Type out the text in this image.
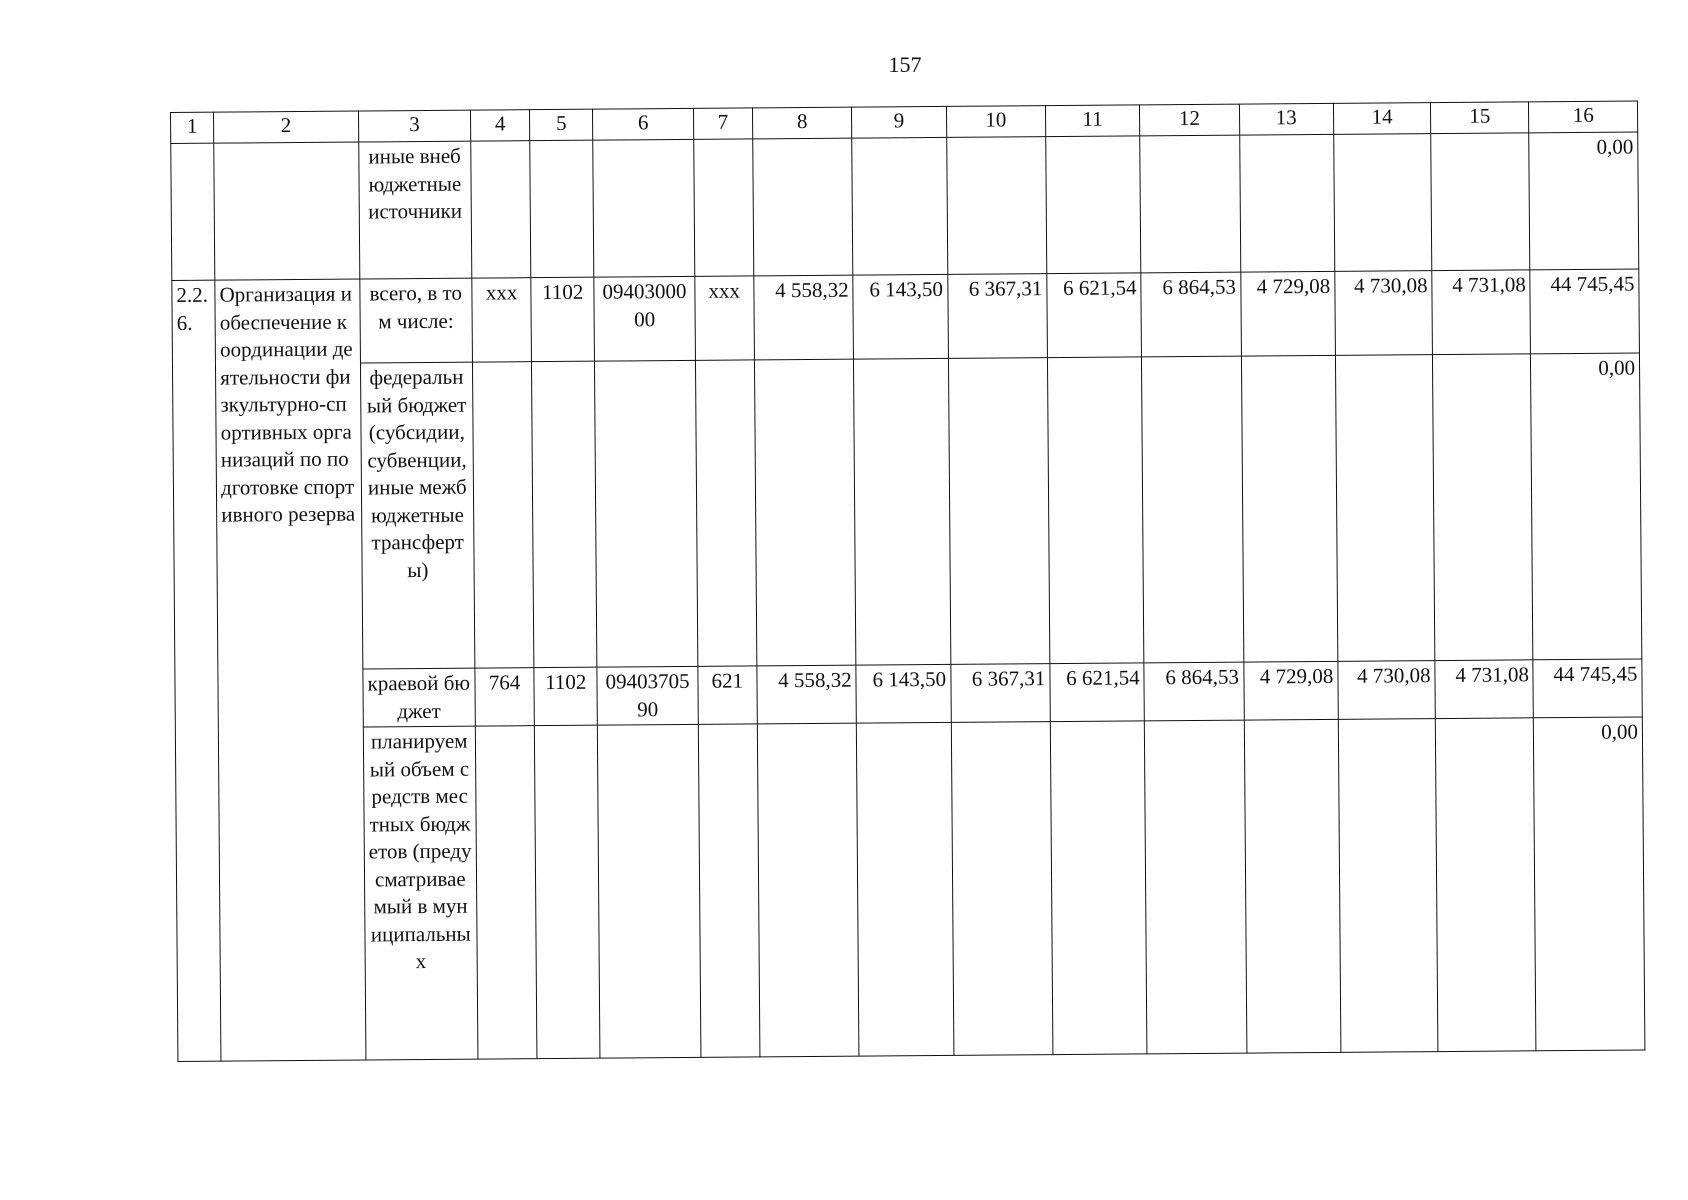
157
1	2	3	4	5	6	7	8	9	10	11	12	13	14	15	16
		иные внебюджетные источники													0,00
2.2.6.	Организация и обеспечение координации деятельности физкультурно-спортивных организаций по подготовке спортивного резерва	всего, в том числе:	ххх	1102	0940300000	ххх	4 558,32	6 143,50	6 367,31	6 621,54	6 864,53	4 729,08	4 730,08	4 731,08	44 745,45
		федеральный бюджет (субсидии, субвенции, иные межбюджетные трансферты)													0,00
		краевой бюджет	764	1102	0940370590	621	4 558,32	6 143,50	6 367,31	6 621,54	6 864,53	4 729,08	4 730,08	4 731,08	44 745,45
		планируемый объем средств местных бюджетов (предусматриваемый в муниципальных													0,00
